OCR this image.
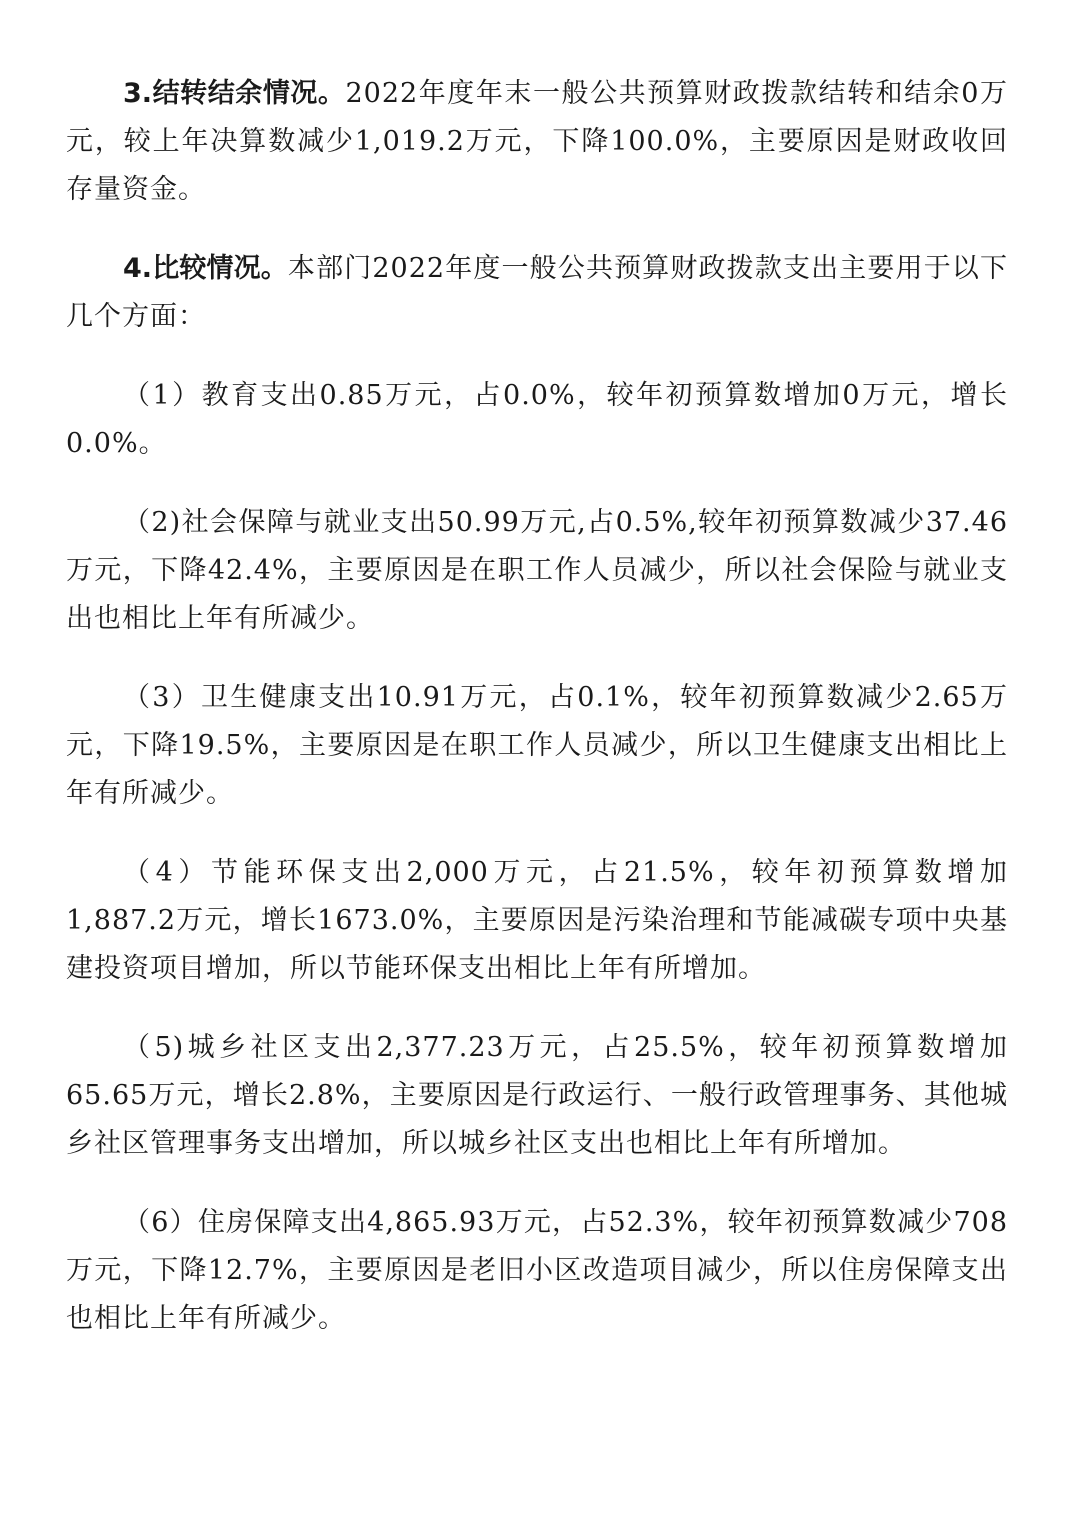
3.结转结余情况。2022年度年末一般公共预算财政拨款结转和结余0万元，较上年决算数减少1,019.2万元，下降100.0%，主要原因是财政收回存量资金。

4.比较情况。本部门2022年度一般公共预算财政拨款支出主要用于以下几个方面：

（1）教育支出0.85万元，占0.0%，较年初预算数增加0万元，增长0.0%。

（2)社会保障与就业支出50.99万元,占0.5%,较年初预算数减少37.46万元，下降42.4%，主要原因是在职工作人员减少，所以社会保险与就业支出也相比上年有所减少。

（3）卫生健康支出10.91万元，占0.1%，较年初预算数减少2.65万元，下降19.5%，主要原因是在职工作人员减少，所以卫生健康支出相比上年有所减少。

（4）节能环保支出2,000万元，占21.5%，较年初预算数增加1,887.2万元，增长1673.0%，主要原因是污染治理和节能减碳专项中央基建投资项目增加，所以节能环保支出相比上年有所增加。

（5)城乡社区支出2,377.23万元，占25.5%，较年初预算数增加65.65万元，增长2.8%，主要原因是行政运行、一般行政管理事务、其他城乡社区管理事务支出增加，所以城乡社区支出也相比上年有所增加。

（6）住房保障支出4,865.93万元，占52.3%，较年初预算数减少708万元，下降12.7%，主要原因是老旧小区改造项目减少，所以住房保障支出也相比上年有所减少。
